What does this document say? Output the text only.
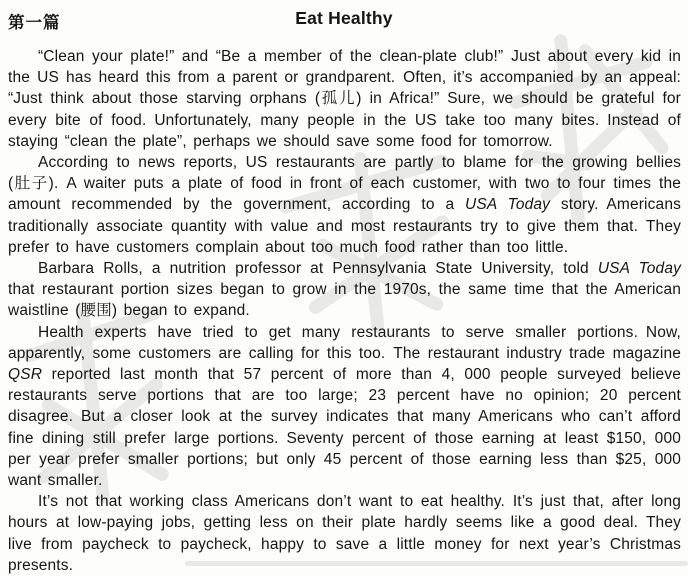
第一篇	Eat Healthy

“Clean your plate!” and “Be a member of the clean-plate club!” Just about every kid in the US has heard this from a parent or grandparent. Often, it’s accompanied by an appeal: “Just think about those starving orphans (孤儿) in Africa!” Sure, we should be grateful for every bite of food. Unfortunately, many people in the US take too many bites. Instead of staying “clean the plate”, perhaps we should save some food for tomorrow.

According to news reports, US restaurants are partly to blame for the growing bellies (肚子). A waiter puts a plate of food in front of each customer, with two to four times the amount recommended by the government, according to a USA Today story. Americans traditionally associate quantity with value and most restaurants try to give them that. They prefer to have customers complain about too much food rather than too little.

Barbara Rolls, a nutrition professor at Pennsylvania State University, told USA Today that restaurant portion sizes began to grow in the 1970s, the same time that the American waistline (腰围) began to expand.

Health experts have tried to get many restaurants to serve smaller portions. Now, apparently, some customers are calling for this too. The restaurant industry trade magazine QSR reported last month that 57 percent of more than 4, 000 people surveyed believe restaurants serve portions that are too large; 23 percent have no opinion; 20 percent disagree. But a closer look at the survey indicates that many Americans who can’t afford fine dining still prefer large portions. Seventy percent of those earning at least $150, 000 per year prefer smaller portions; but only 45 percent of those earning less than $25, 000 want smaller.

It’s not that working class Americans don’t want to eat healthy. It’s just that, after long hours at low-paying jobs, getting less on their plate hardly seems like a good deal. They live from paycheck to paycheck, happy to save a little money for next year’s Christmas presents.
